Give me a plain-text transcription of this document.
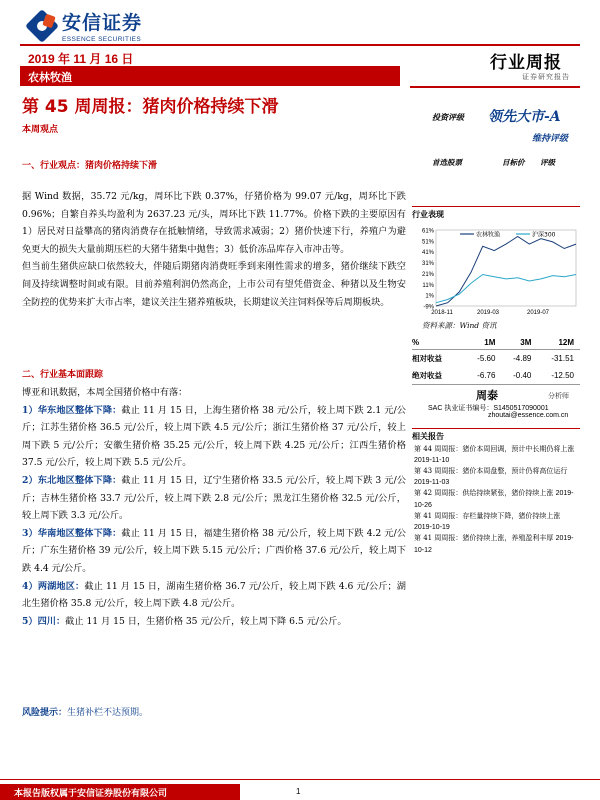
安信证券
ESSENCE SECURITIES
2019 年 11 月 16 日
农林牧渔
行业周报
证券研究报告
第 45 周周报：猪肉价格持续下滑
本周观点
投资评级 领先大市-A
维持评级
首选股票	目标价 评级
一、行业观点：猪肉价格持续下滑

据 Wind 数据，35.72 元/kg，周环比下跌 0.37%，仔猪价格为 99.07 元/kg，周环比下跌 0.96%；自繁自养头均盈利为 2637.23 元/头，周环比下跌 11.77%。价格下跌的主要原因有 1）居民对日益攀高的猪肉消费存在抵触情绪，导致需求减弱；2）猪价快速下行，养殖户为避免更大的损失大量前期压栏的大猪牛猪集中抛售；3）低价冻品库存入市冲击等。

但当前生猪供应缺口依然较大，伴随后期猪肉消费旺季到来刚性需求的增多，猪价继续下跌空间及持续调整时间或有限。目前养殖利润仍然高企，上市公司有望凭借资金、种猪以及生物安全防控的优势来扩大市占率，建议关注生猪养殖板块，长期建议关注饲料保等后周期板块。

二、行业基本面跟踪

博亚和讯数据，本周全国猪价格中有落：

1）华东地区整体下降：截止 11 月 15 日，上海生猪价格 38 元/公斤，较上周下跌 2.1 元/公斤；江苏生猪价格 36.5 元/公斤，较上周下跌 4.5 元/公斤；浙江生猪价格 37 元/公斤，较上周下跌 5 元/公斤；安徽生猪价格 35.25 元/公斤，较上周下跌 4.25 元/公斤；江西生猪价格 37.5 元/公斤，较上周下跌 5.5 元/公斤。

2）东北地区整体下降：截止 11 月 15 日，辽宁生猪价格 33.5 元/公斤，较上周下跌 3 元/公斤；吉林生猪价格 33.7 元/公斤，较上周下跌 2.8 元/公斤；黑龙江生猪价格 32.5 元/公斤，较上周下跌 3.3 元/公斤。

3）华南地区整体下降：截止 11 月 15 日，福建生猪价格 38 元/公斤，较上周下跌 4.2 元/公斤；广东生猪价格 39 元/公斤，较上周下跌 5.15 元/公斤；广西价格 37.6 元/公斤，较上周下跌 4.4 元/公斤。

4）两湖地区：截止 11 月 15 日，湖南生猪价格 36.7 元/公斤，较上周下跌 4.6 元/公斤；湖北生猪价格 35.8 元/公斤，较上周下跌 4.8 元/公斤。

5）四川：截止 11 月 15 日，生猪价格 35 元/公斤，较上周下降 6.5 元/公斤。

风险提示：生猪补栏不达预期。
行业表现
61%
51%
41%
31%
21%
11%
1%
-9%
2018-11	2019-03	2019-07
农林牧渔	沪深300
资料来源：Wind 资讯
%	1M	3M	12M
相对收益	-5.60	-4.89	-31.51
绝对收益	-6.76	-0.40	-12.50
周泰	分析师
SAC 执业证书编号：S1450517090001
zhoutai@essence.com.cn
相关报告
第 44 周周报：猪价本周回调，预计中长期仍将上涨 2019-11-10
第 43 周周报：猪价本周盘整，预计仍将高位运行 2019-11-03
第 42 周周报：供给持续紧张，猪价持续上涨 2019-10-26
第 41 周周报：存栏量持续下降，猪价持续上涨 2019-10-19
第 41 周周报：猪价持续上涨，养殖盈利丰厚 2019-10-12
本报告版权属于安信证券股份有限公司	1
